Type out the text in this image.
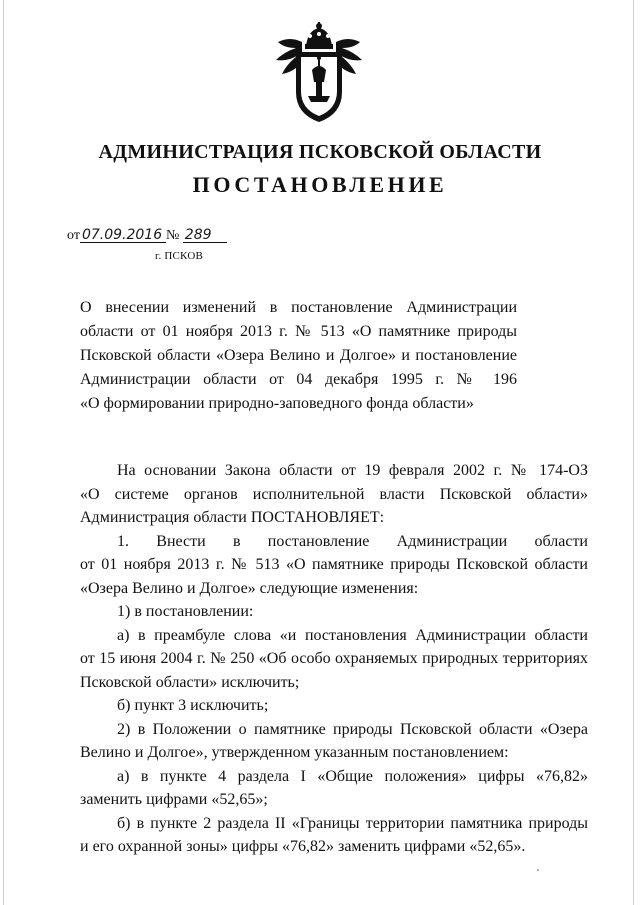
АДМИНИСТРАЦИЯ ПСКОВСКОЙ ОБЛАСТИ
ПОСТАНОВЛЕНИЕ
от 07.09.2016 № 289
г. ПСКОВ
О внесении изменений в постановление Администрации
области от 01 ноября 2013 г. № 513 «О памятнике природы
Псковской области «Озера Велино и Долгое» и постановление
Администрации области от 04 декабря 1995 г. № 196
«О формировании природно-заповедного фонда области»
На основании Закона области от 19 февраля 2002 г. № 174-ОЗ
«О системе органов исполнительной власти Псковской области»
Администрация области ПОСТАНОВЛЯЕТ:
1. Внести в постановление Администрации области
от 01 ноября 2013 г. № 513 «О памятнике природы Псковской области
«Озера Велино и Долгое» следующие изменения:
1) в постановлении:
а) в преамбуле слова «и постановления Администрации области
от 15 июня 2004 г. № 250 «Об особо охраняемых природных территориях
Псковской области» исключить;
б) пункт 3 исключить;
2) в Положении о памятнике природы Псковской области «Озера
Велино и Долгое», утвержденном указанным постановлением:
а) в пункте 4 раздела I «Общие положения» цифры «76,82»
заменить цифрами «52,65»;
б) в пункте 2 раздела II «Границы территории памятника природы
и его охранной зоны» цифры «76,82» заменить цифрами «52,65».
